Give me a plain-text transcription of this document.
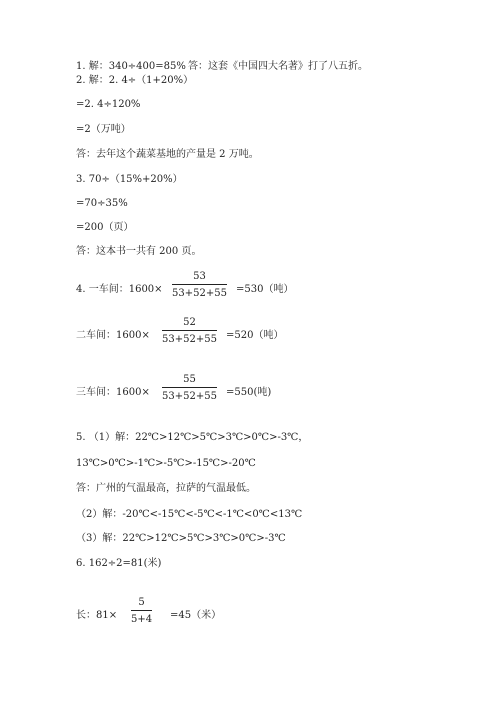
1. 解：340÷400=85% 答：这套《中国四大名著》打了八五折。
2. 解：2. 4÷（1+20%）
=2. 4÷120%
=2（万吨）
答：去年这个蔬菜基地的产量是 2 万吨。
3. 70÷（15%+20%）
=70÷35%
=200（页）
答：这本书一共有 200 页。
4. 一车间：1600×
53
53+52+55 =530（吨）
二车间：1600×
52
53+52+55 =520（吨）
三车间：1600×
55
53+52+55 =550(吨)
5. （1）解：22℃>12℃>5℃>3℃>0℃>-3℃，
13℃>0℃>-1℃>-5℃>-15℃>-20℃
答：广州的气温最高，拉萨的气温最低。
（2）解：-20℃<-15℃<-5℃<-1℃<0℃<13℃
（3）解：22℃>12℃>5℃>3℃>0℃>-3℃
6. 162÷2=81(米)
长：81×
5
5+4 =45（米）
